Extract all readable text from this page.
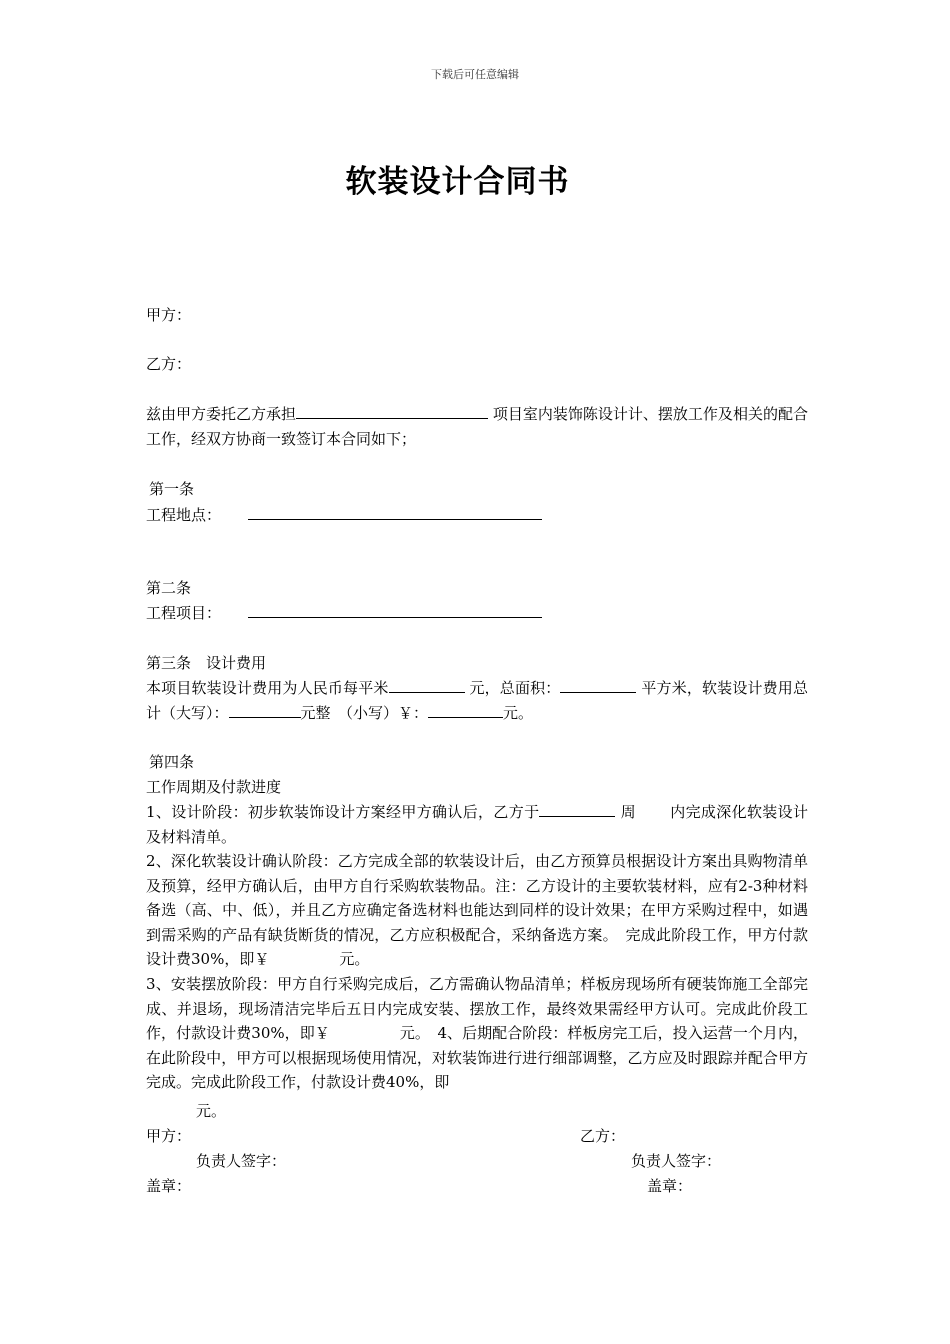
下载后可任意编辑
软装设计合同书
甲方：
乙方：
兹由甲方委托乙方承担	项目室内装饰陈设计计、摆放工作及相关的配合工作，经双方协商一致签订本合同如下；
第一条
工程地点：
第二条
工程项目：
第三条　设计费用
本项目软装设计费用为人民币每平米	元，总面积：	平方米，软装设计费用总计（大写）：	元整　（小写）￥：	元。
第四条
工作周期及付款进度
1、设计阶段：初步软装饰设计方案经甲方确认后，乙方于	周 内完成深化软装设计及材料清单。
2、深化软装设计确认阶段：乙方完成全部的软装设计后，由乙方预算员根据设计方案出具购物清单及预算，经甲方确认后，由甲方自行采购软装物品。注：乙方设计的主要软装材料，应有2-3种材料备选（高、中、低），并且乙方应确定备选材料也能达到同样的设计效果；在甲方采购过程中，如遇到需采购的产品有缺货断货的情况，乙方应积极配合，采纳备选方案。　完成此阶段工作，甲方付款设计费30%，即￥	元。
3、安装摆放阶段：甲方自行采购完成后，乙方需确认物品清单；样板房现场所有硬装饰施工全部完成、并退场，现场清洁完毕后五日内完成安装、摆放工作，最终效果需经甲方认可。完成此价段工作，付款设计费30%，即￥	元。　4、后期配合阶段：样板房完工后，投入运营一个月内，在此阶段中，甲方可以根据现场使用情况，对软装饰进行进行细部调整，乙方应及时跟踪并配合甲方完成。完成此阶段工作，付款设计费40%，即
元。
甲方：	乙方：
负责人签字：	负责人签字：
盖章：	盖章：
